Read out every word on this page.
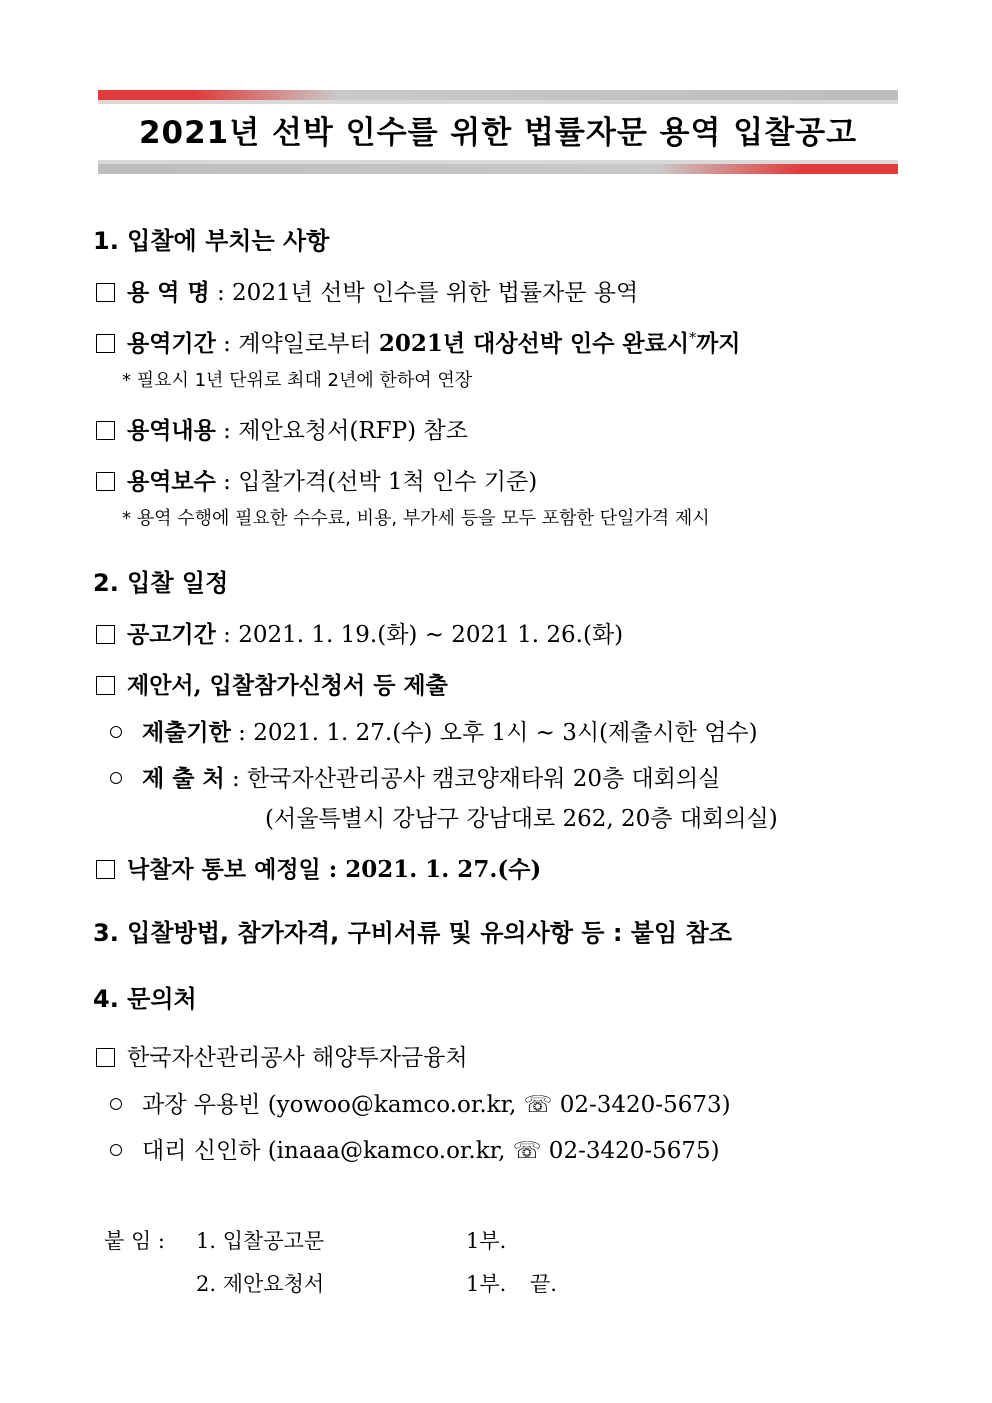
2021년 선박 인수를 위한 법률자문 용역 입찰공고
1. 입찰에 부치는 사항
용 역 명 : 2021년 선박 인수를 위한 법률자문 용역
용역기간 : 계약일로부터 2021년 대상선박 인수 완료시*까지
* 필요시 1년 단위로 최대 2년에 한하여 연장
용역내용 : 제안요청서(RFP) 참조
용역보수 : 입찰가격(선박 1척 인수 기준)
* 용역 수행에 필요한 수수료, 비용, 부가세 등을 모두 포함한 단일가격 제시
2. 입찰 일정
공고기간 : 2021. 1. 19.(화) ~ 2021 1. 26.(화)
제안서, 입찰참가신청서 등 제출
제출기한 : 2021. 1. 27.(수) 오후 1시 ~ 3시(제출시한 엄수)
제 출 처 : 한국자산관리공사 캠코양재타워 20층 대회의실
(서울특별시 강남구 강남대로 262, 20층 대회의실)
낙찰자 통보 예정일 : 2021. 1. 27.(수)
3. 입찰방법, 참가자격, 구비서류 및 유의사항 등 : 붙임 참조
4. 문의처
한국자산관리공사 해양투자금융처
과장 우용빈 (yowoo@kamco.or.kr, ☏ 02-3420-5673)
대리 신인하 (inaaa@kamco.or.kr, ☏ 02-3420-5675)
붙 임 : 1. 입찰공고문	1부.
2. 제안요청서	1부. 끝.
